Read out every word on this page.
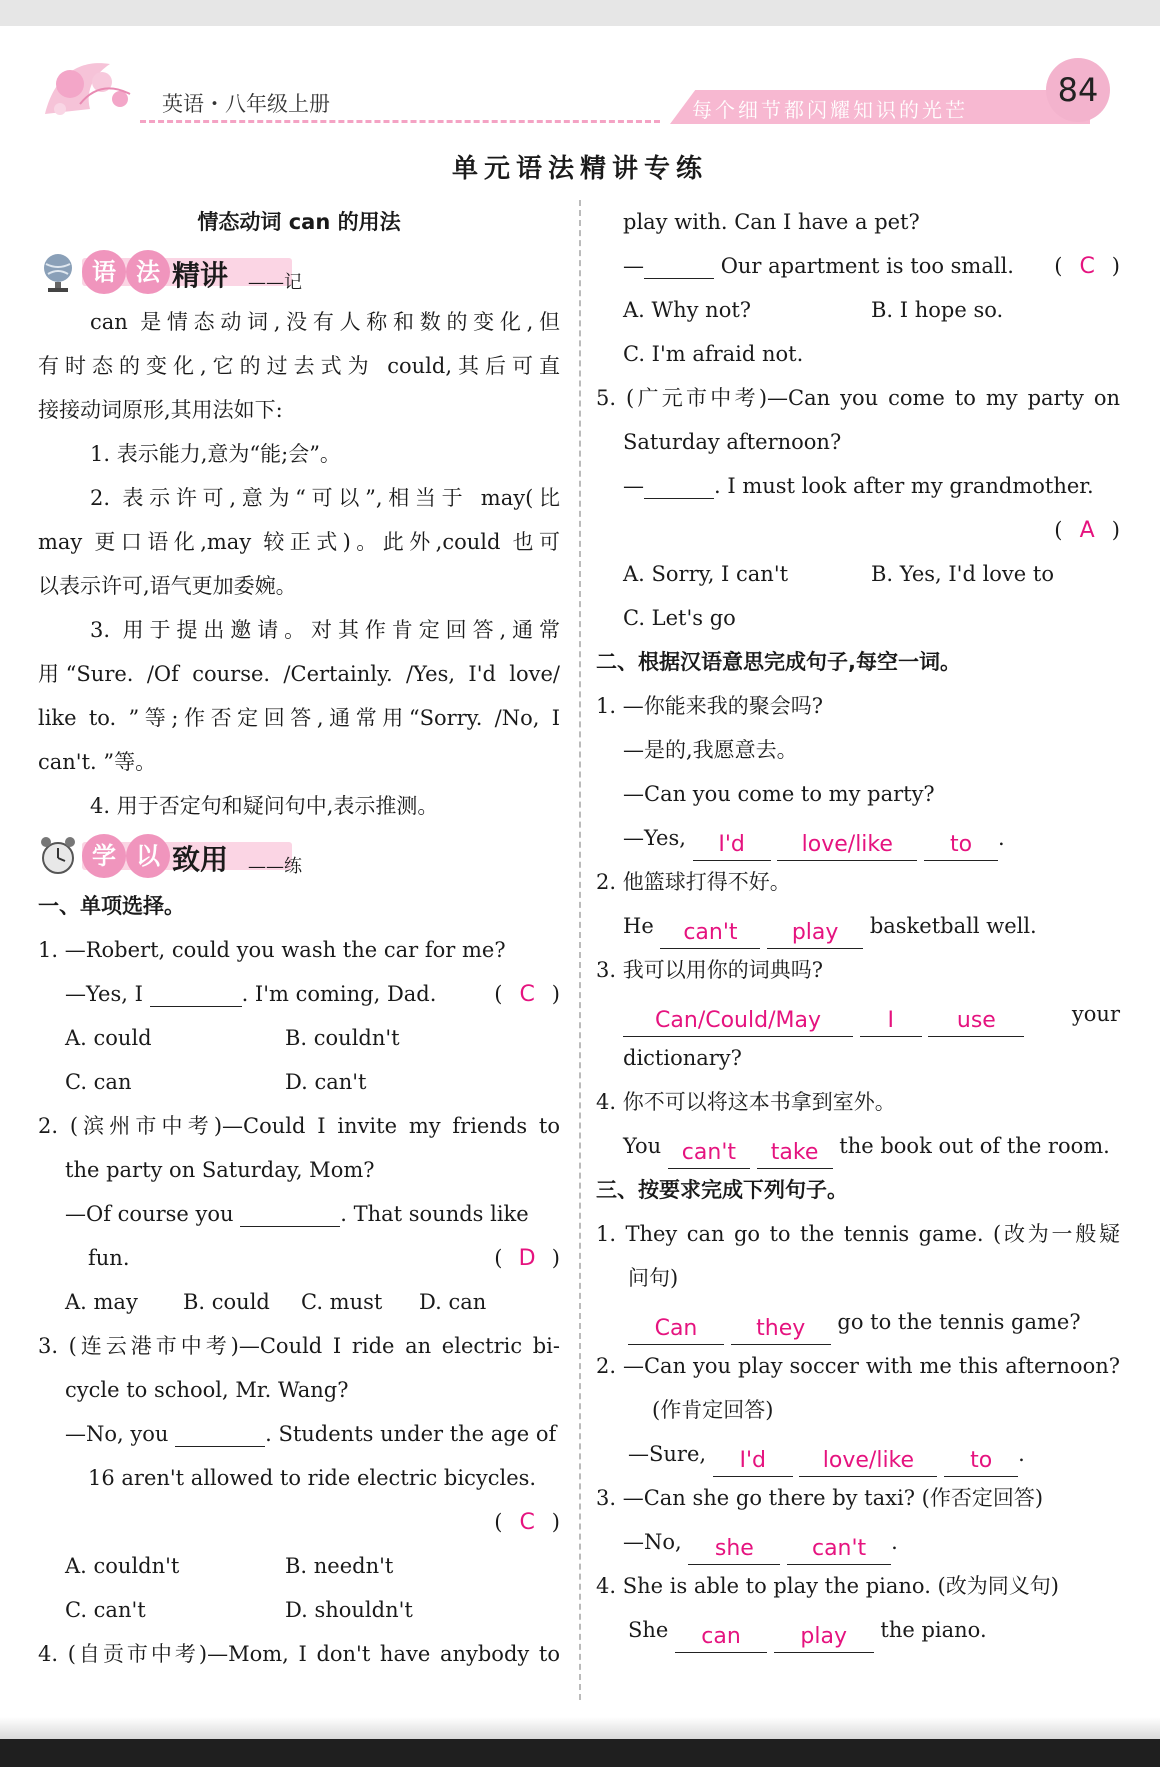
英语・八年级上册	每个细节都闪耀知识的光芒
84
单元语法精讲专练
情态动词 can 的用法
语 法 精讲 ——记
can 是情态动词,没有人称和数的变化,但
有时态的变化,它的过去式为 could,其后可直
接接动词原形,其用法如下:
1. 表示能力,意为“能;会”。
2. 表示许可,意为“可以”,相当于 may(比
may 更口语化,may 较正式)。此外,could 也可
以表示许可,语气更加委婉。
3. 用于提出邀请。对其作肯定回答,通常
用“Sure. /Of course. /Certainly. /Yes, I'd love/
like to. ”等;作否定回答,通常用“Sorry. /No, I
can't. ”等。
4. 用于否定句和疑问句中,表示推测。
学 以 致用 ——练
一、单项选择。
1. —Robert, could you wash the car for me?
—Yes, I	. I'm coming, Dad.	( C )
A. could	B. couldn't
C. can	D. can't
2. (滨州市中考)—Could I invite my friends to
the party on Saturday, Mom?
—Of course you	. That sounds like
fun.	( D )
A. may	B. could	C. must	D. can
3. (连云港市中考)—Could I ride an electric bi-
cycle to school, Mr. Wang?
—No, you	. Students under the age of
16 aren't allowed to ride electric bicycles.
( C )
A. couldn't	B. needn't
C. can't	D. shouldn't
4. (自贡市中考)—Mom, I don't have anybody to
play with. Can I have a pet?
—	Our apartment is too small. ( C )
A. Why not?	B. I hope so.
C. I'm afraid not.
5. (广元市中考)—Can you come to my party on
Saturday afternoon?
—	. I must look after my grandmother.
( A )
A. Sorry, I can't	B. Yes, I'd love to
C. Let's go
二、根据汉语意思完成句子,每空一词。
1. —你能来我的聚会吗?
—是的,我愿意去。
—Can you come to my party?
—Yes, I'd	love/like	to .
2. 他篮球打得不好。
He can't play basketball well.
3. 我可以用你的词典吗?
Can/Could/May	I	use	your
dictionary?
4. 你不可以将这本书拿到室外。
You can't take the book out of the room.
三、按要求完成下列句子。
1. They can go to the tennis game. (改为一般疑
问句)
Can	they go to the tennis game?
2. —Can you play soccer with me this afternoon?
(作肯定回答)
—Sure, I'd	love/like	to .
3. —Can she go there by taxi? (作否定回答)
—No, she	can't .
4. She is able to play the piano. (改为同义句)
She can	play the piano.
